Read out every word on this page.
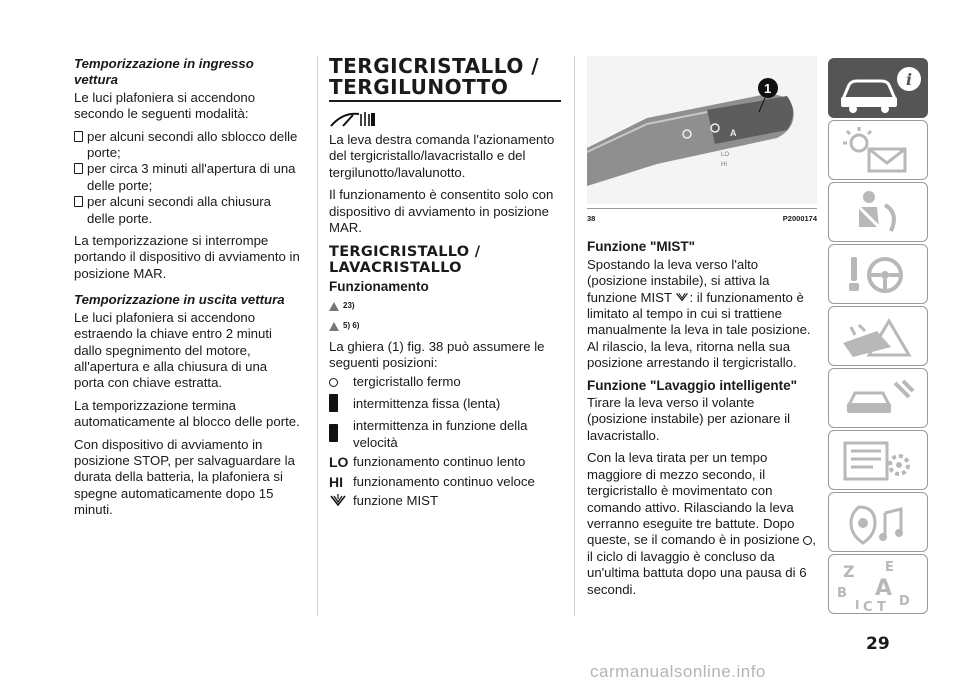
Temporizzazione in ingresso vettura

Le luci plafoniera si accendono secondo le seguenti modalità:

per alcuni secondi allo sblocco delle porte;
per circa 3 minuti all'apertura di una delle porte;
per alcuni secondi alla chiusura delle porte.

La temporizzazione si interrompe portando il dispositivo di avviamento in posizione MAR.

Temporizzazione in uscita vettura

Le luci plafoniera si accendono estraendo la chiave entro 2 minuti dallo spegnimento del motore, all'apertura e alla chiusura di una porta con chiave estratta.

La temporizzazione termina automaticamente al blocco delle porte.

Con dispositivo di avviamento in posizione STOP, per salvaguardare la durata della batteria, la plafoniera si spegne automaticamente dopo 15 minuti.

TERGICRISTALLO / TERGILUNOTTO

La leva destra comanda l'azionamento del tergicristallo/lavacristallo e del tergilunotto/lavalunotto.

Il funzionamento è consentito solo con dispositivo di avviamento in posizione MAR.

TERGICRISTALLO / LAVACRISTALLO
Funzionamento
23)
5) 6)

La ghiera (1) fig. 38 può assumere le seguenti posizioni:

tergicristallo fermo
intermittenza fissa (lenta)
intermittenza in funzione della velocità
LO funzionamento continuo lento
HI funzionamento continuo veloce
funzione MIST
A
LO
HI
1
38	P2000174
Funzione "MIST"

Spostando la leva verso l'alto (posizione instabile), si attiva la funzione MIST : il funzionamento è limitato al tempo in cui si trattiene manualmente la leva in tale posizione. Al rilascio, la leva, ritorna nella sua posizione arrestando il tergicristallo.

Funzione "Lavaggio intelligente"

Tirare la leva verso il volante (posizione instabile) per azionare il lavacristallo.

Con la leva tirata per un tempo maggiore di mezzo secondo, il tergicristallo è movimentato con comando attivo. Rilasciando la leva verranno eseguite tre battute. Dopo queste, se il comando è in posizione , il ciclo di lavaggio è concluso da un'ultima battuta dopo una pausa di 6 secondi.

i
Z E
B A
I C T D
29
carmanualsonline.info
